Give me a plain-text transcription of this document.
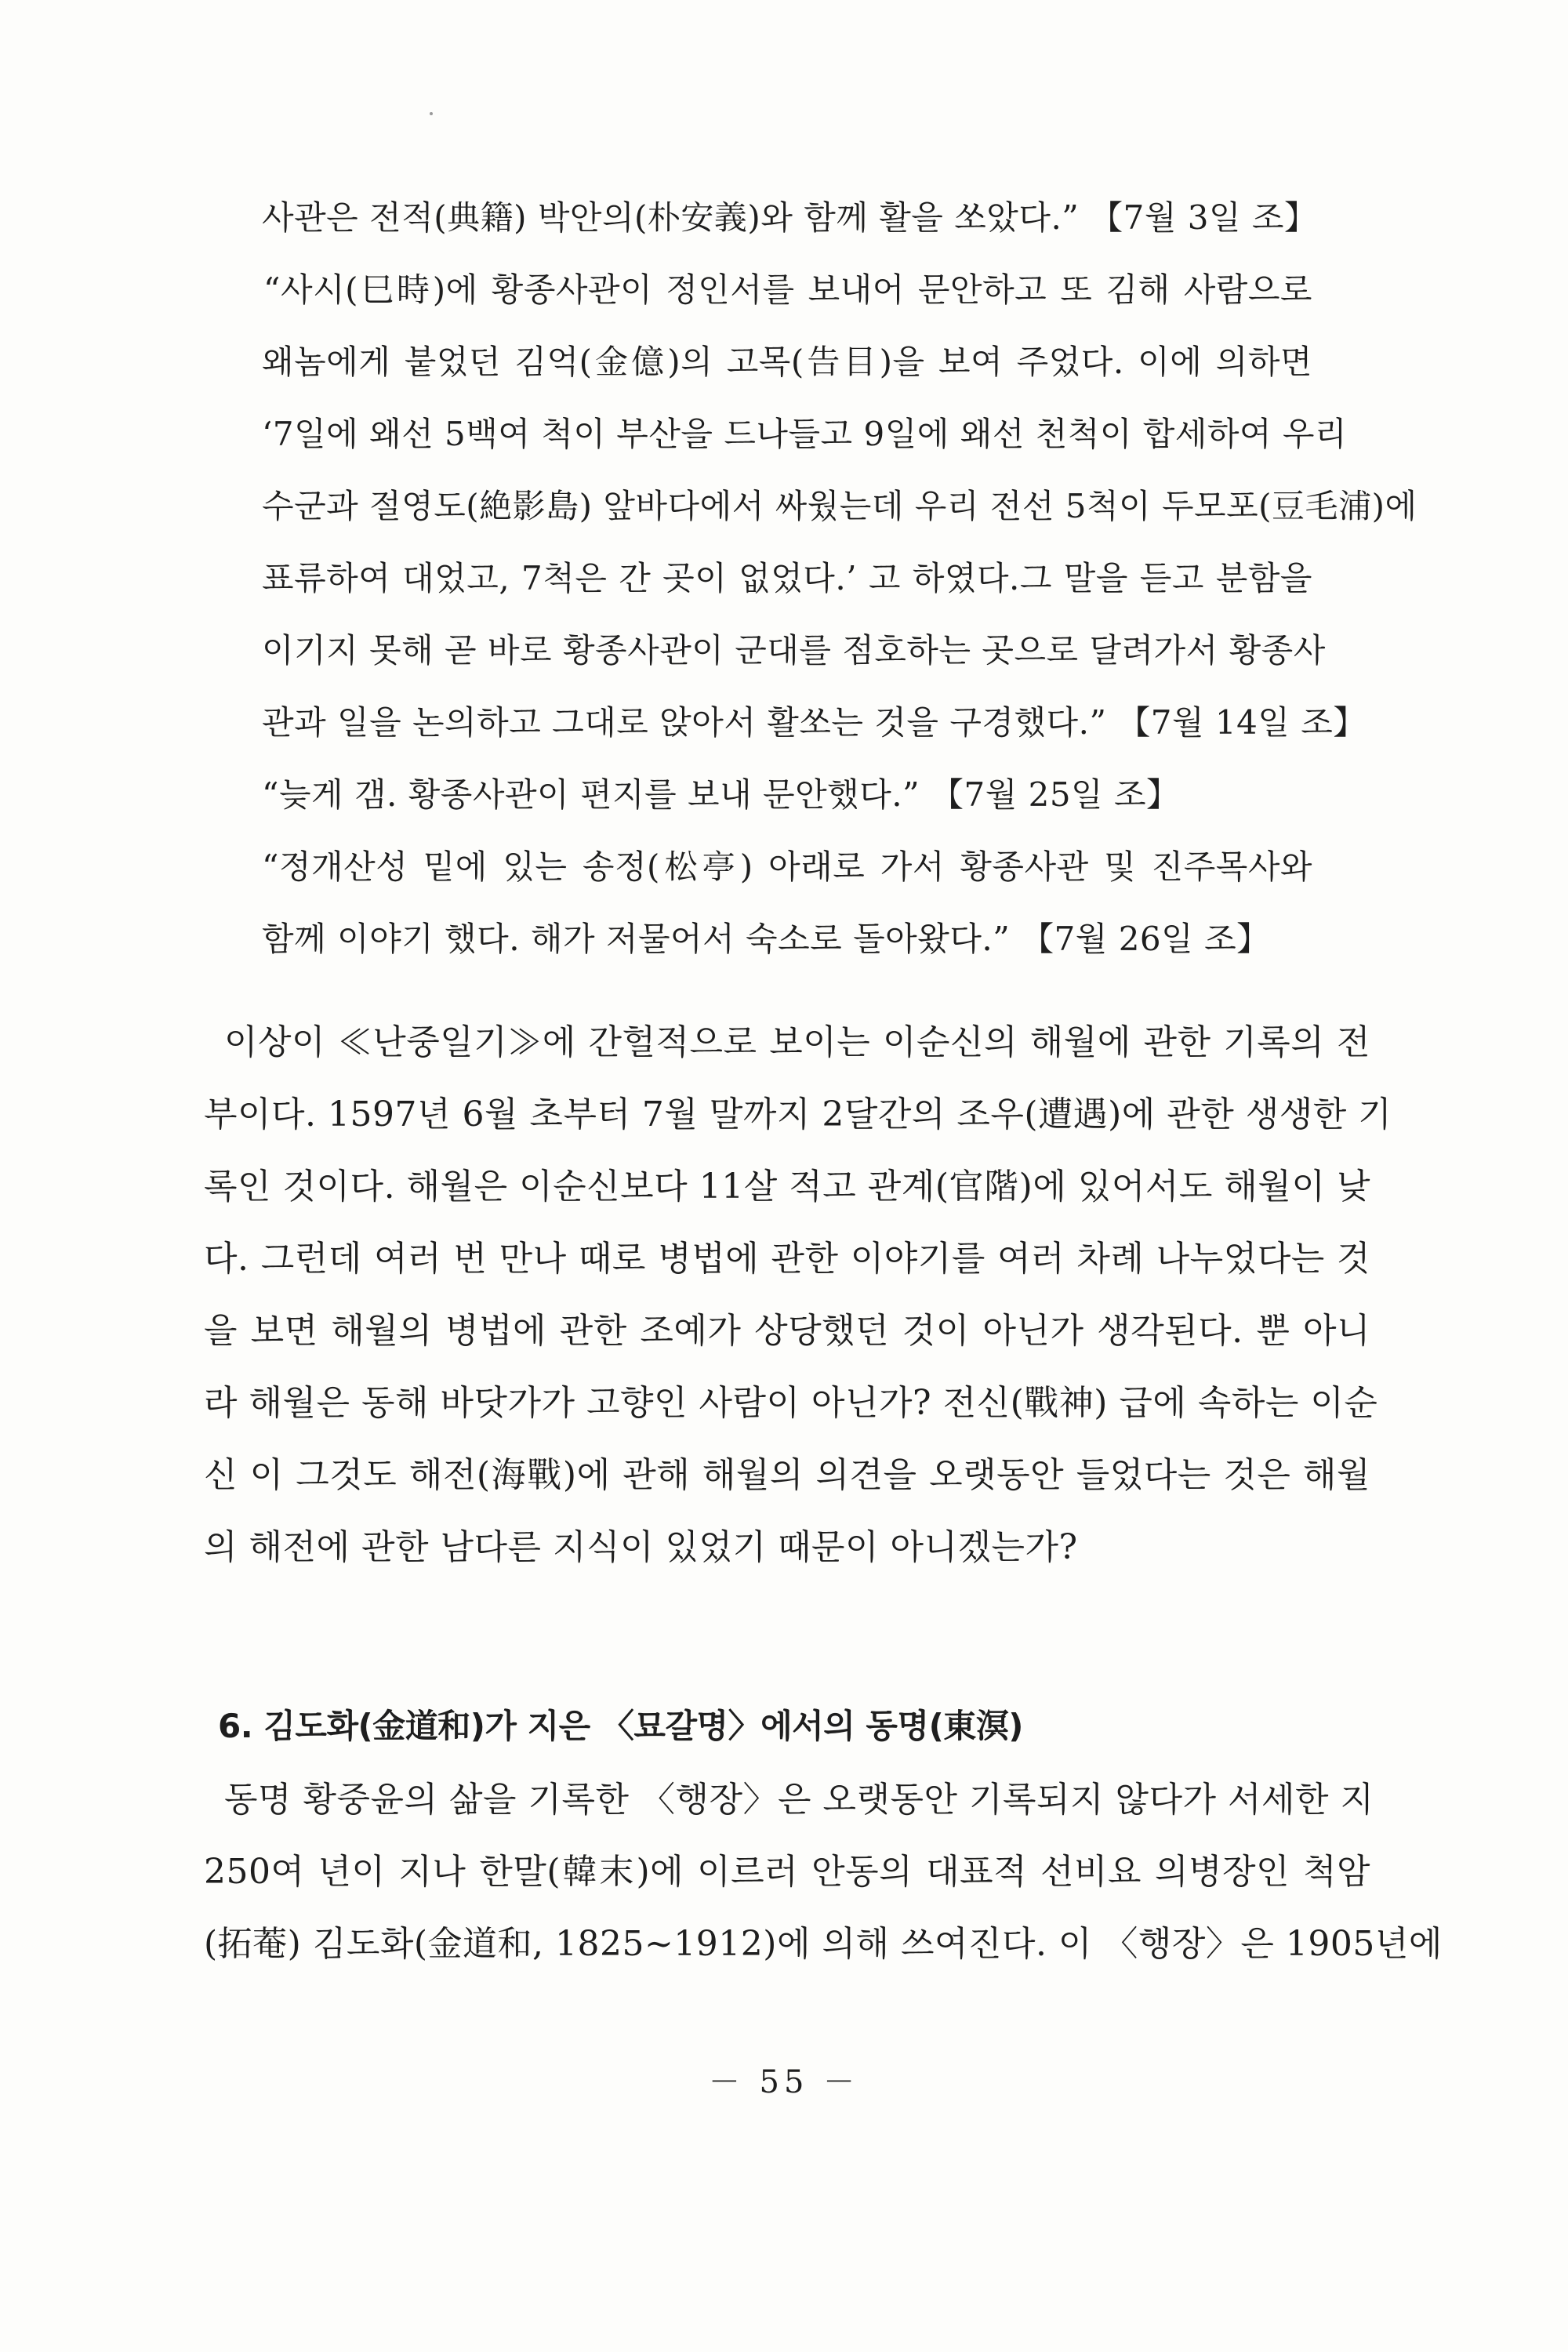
사관은 전적(典籍) 박안의(朴安義)와 함께 활을 쏘았다.” 【7월 3일 조】
“사시(巳時)에 황종사관이 정인서를 보내어 문안하고 또 김해 사람으로
왜놈에게 붙었던 김억(金億)의 고목(告目)을 보여 주었다. 이에 의하면
‘7일에 왜선 5백여 척이 부산을 드나들고 9일에 왜선 천척이 합세하여 우리
수군과 절영도(絶影島) 앞바다에서 싸웠는데 우리 전선 5척이 두모포(豆毛浦)에
표류하여 대었고, 7척은 간 곳이 없었다.’ 고 하였다.그 말을 듣고 분함을
이기지 못해 곧 바로 황종사관이 군대를 점호하는 곳으로 달려가서 황종사
관과 일을 논의하고 그대로 앉아서 활쏘는 것을 구경했다.” 【7월 14일 조】
“늦게 갬. 황종사관이 편지를 보내 문안했다.” 【7월 25일 조】
“정개산성 밑에 있는 송정(松亭) 아래로 가서 황종사관 및 진주목사와
함께 이야기 했다. 해가 저물어서 숙소로 돌아왔다.” 【7월 26일 조】
이상이 ≪난중일기≫에 간헐적으로 보이는 이순신의 해월에 관한 기록의 전
부이다. 1597년 6월 초부터 7월 말까지 2달간의 조우(遭遇)에 관한 생생한 기
록인 것이다. 해월은 이순신보다 11살 적고 관계(官階)에 있어서도 해월이 낮
다. 그런데 여러 번 만나 때로 병법에 관한 이야기를 여러 차례 나누었다는 것
을 보면 해월의 병법에 관한 조예가 상당했던 것이 아닌가 생각된다. 뿐 아니
라 해월은 동해 바닷가가 고향인 사람이 아닌가? 전신(戰神) 급에 속하는 이순
신 이 그것도 해전(海戰)에 관해 해월의 의견을 오랫동안 들었다는 것은 해월
의 해전에 관한 남다른 지식이 있었기 때문이 아니겠는가?
6. 김도화(金道和)가 지은 〈묘갈명〉에서의 동명(東溟)
동명 황중윤의 삶을 기록한 〈행장〉은 오랫동안 기록되지 않다가 서세한 지
250여 년이 지나 한말(韓末)에 이르러 안동의 대표적 선비요 의병장인 척암
(拓菴) 김도화(金道和, 1825~1912)에 의해 쓰여진다. 이 〈행장〉은 1905년에
－ 55 －
